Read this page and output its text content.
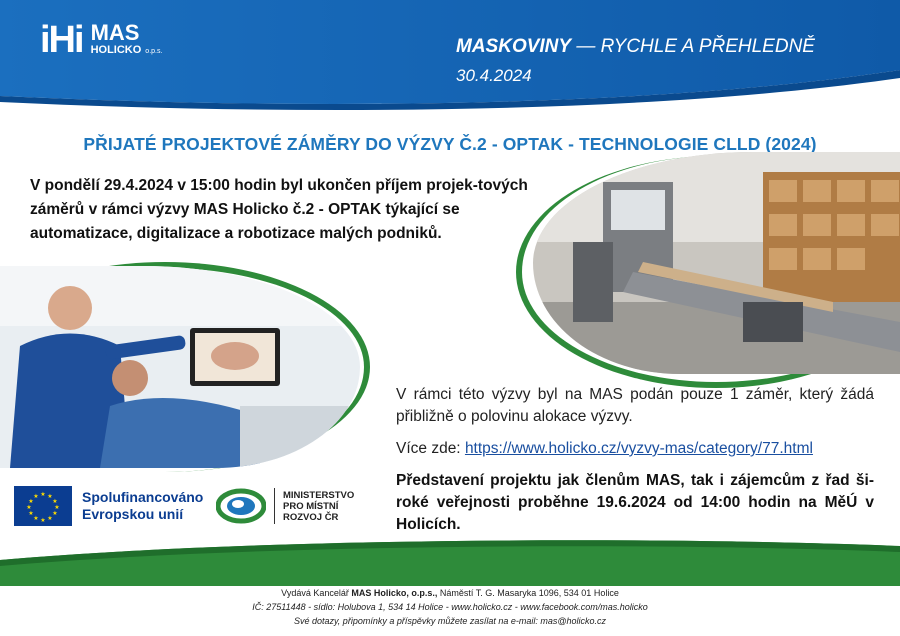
iHi MAS
HOLICKO o.p.s.	MASKOVINY — RYCHLE A PŘEHLEDNĚ
30.4.2024
PŘIJATÉ PROJEKTOVÉ ZÁMĚRY DO VÝZVY Č.2 - OPTAK - TECHNOLOGIE CLLD (2024)
V pondělí 29.4.2024 v 15:00 hodin byl ukončen příjem projek-tových záměrů v rámci výzvy MAS Holicko č.2 - OPTAK týkající se automatizace, digitalizace a robotizace malých podniků.

V rámci této výzvy byl na MAS podán pouze 1 záměr, který žádá přibližně o polovinu alokace výzvy.

Více zde: https://www.holicko.cz/vyzvy-mas/category/77.html

Představení projektu jak členům MAS, tak i zájemcům z řad ši-roké veřejnosti proběhne 19.6.2024 od 14:00 hodin na MěÚ v Holicích.

★ ★
★
★
★
★
★
★
★
★
★
★	Spolufinancováno
Evropskou unií
MINISTERSTVO
PRO MÍSTNÍ
ROZVOJ ČR
Vydává Kancelář MAS Holicko, o.p.s., Náměstí T. G. Masaryka 1096, 534 01 Holice
IČ: 27511448 - sídlo: Holubova 1, 534 14 Holice - www.holicko.cz - www.facebook.com/mas.holicko
Své dotazy, připomínky a příspěvky můžete zasílat na e-mail: mas@holicko.cz
